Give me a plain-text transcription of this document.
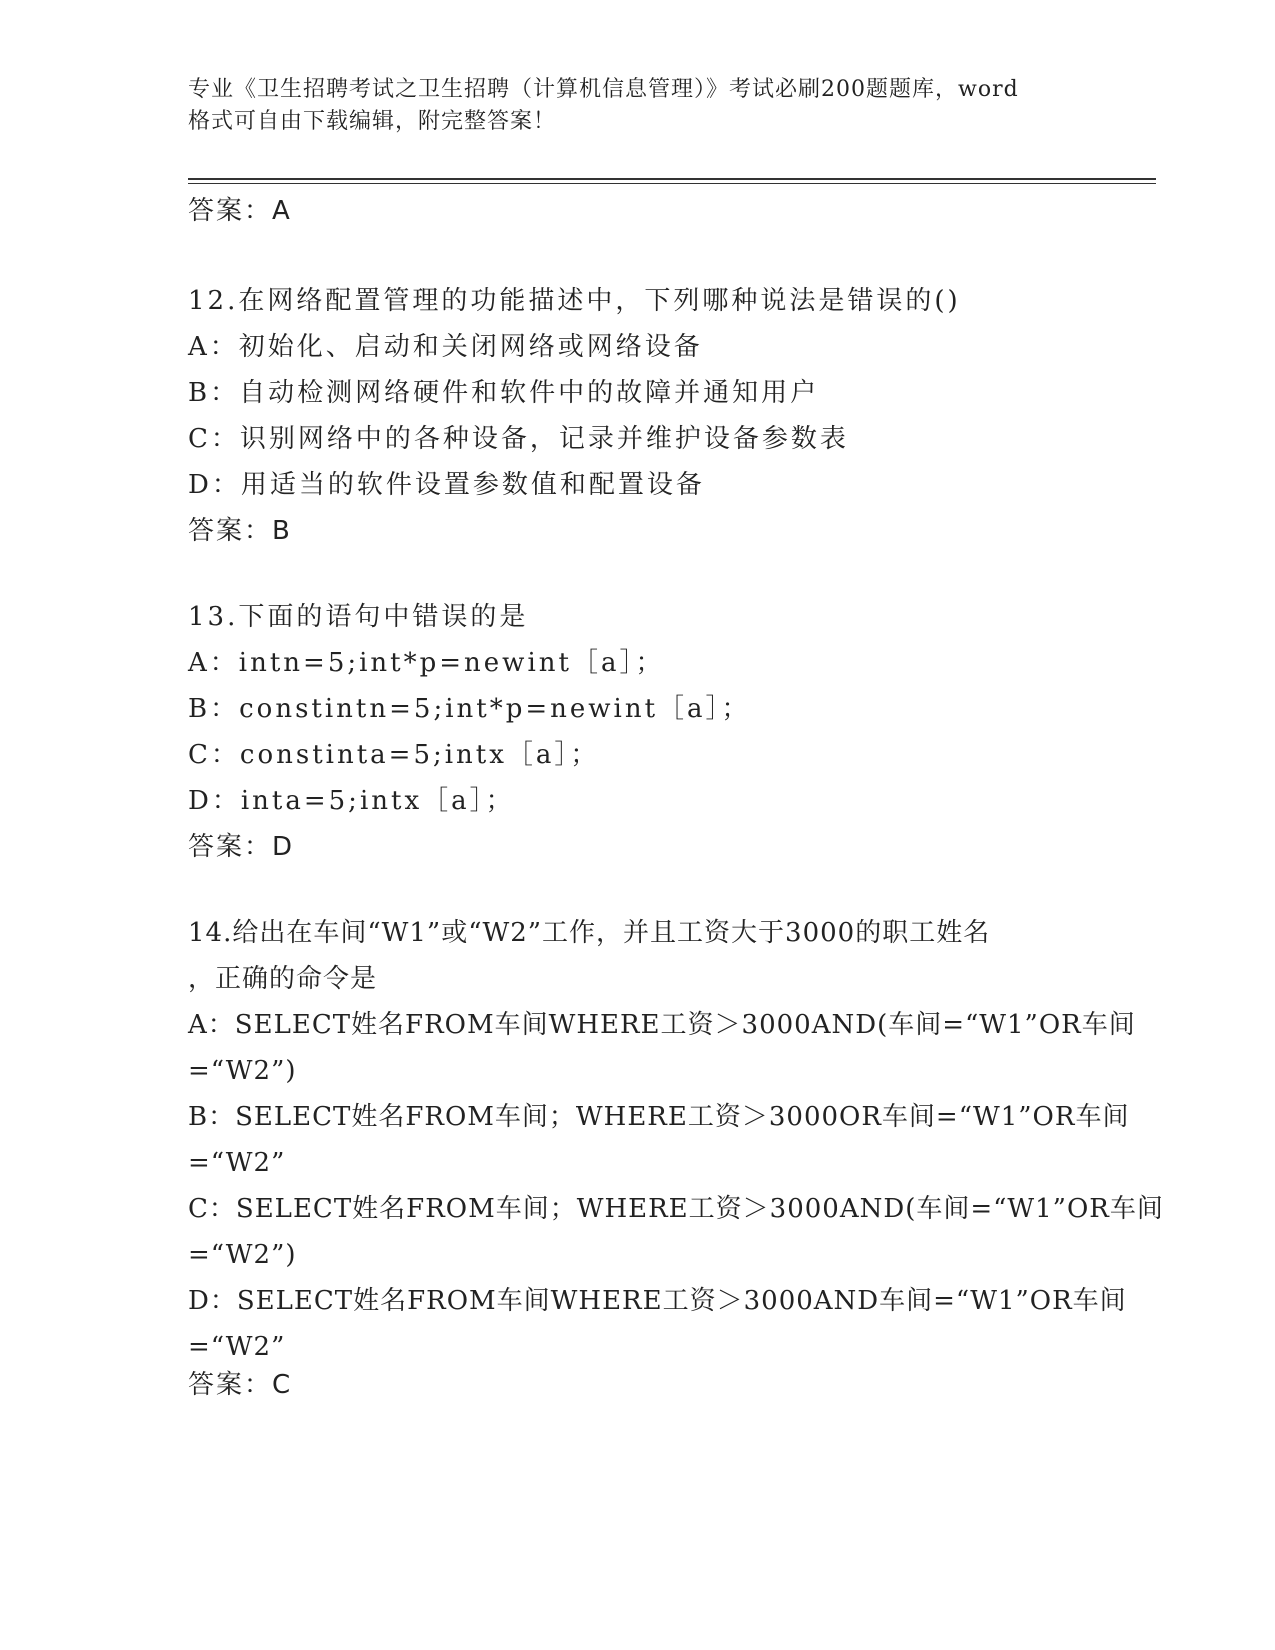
专业《卫生招聘考试之卫生招聘（计算机信息管理）》考试必刷200题题库，word
格式可自由下载编辑，附完整答案！
答案：A
12.在网络配置管理的功能描述中，下列哪种说法是错误的()
A：初始化、启动和关闭网络或网络设备
B：自动检测网络硬件和软件中的故障并通知用户
C：识别网络中的各种设备，记录并维护设备参数表
D：用适当的软件设置参数值和配置设备
答案：B
13.下面的语句中错误的是
A：intn=5;int*p=newint［a］；
B：constintn=5;int*p=newint［a］；
C：constinta=5;intx［a］；
D：inta=5;intx［a］；
答案：D
14.给出在车间“W1”或“W2”工作，并且工资大于3000的职工姓名
，正确的命令是
A：SELECT姓名FROM车间WHERE工资＞3000AND(车间=“W1”OR车间
=“W2”)
B：SELECT姓名FROM车间；WHERE工资＞3000OR车间=“W1”OR车间
=“W2”
C：SELECT姓名FROM车间；WHERE工资＞3000AND(车间=“W1”OR车间
=“W2”)
D：SELECT姓名FROM车间WHERE工资＞3000AND车间=“W1”OR车间
=“W2”
答案：C
